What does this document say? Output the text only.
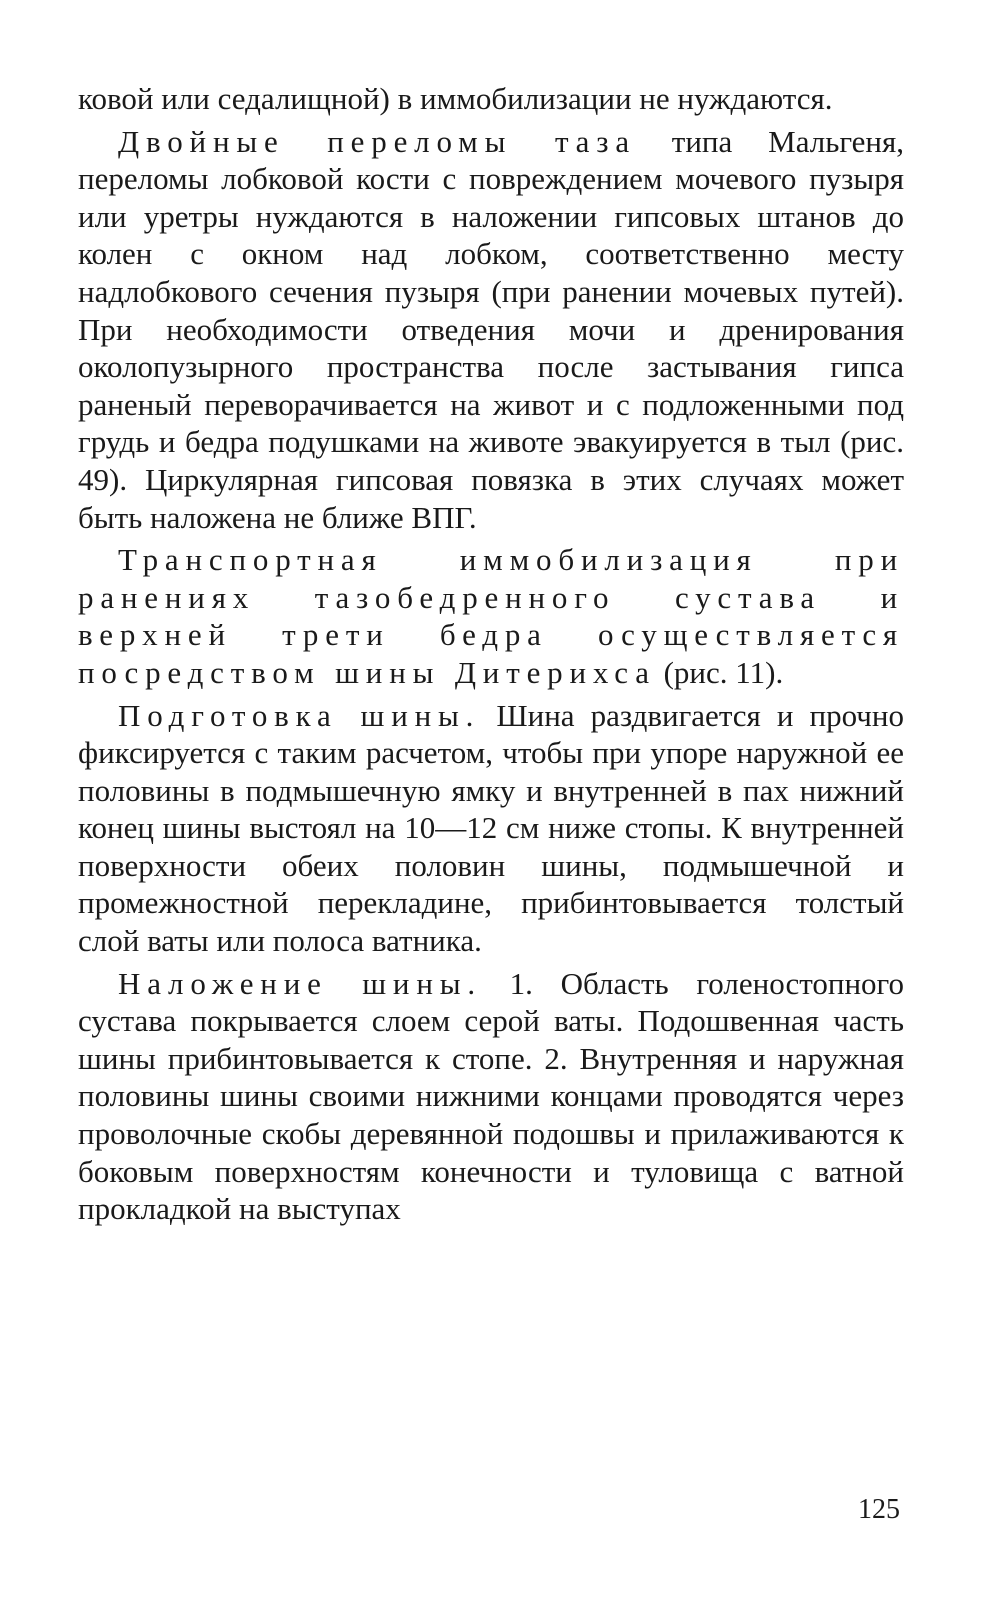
ковой или седалищной) в иммобилизации не нуждаются.

Двойные переломы таза типа Мальгеня, переломы лобковой кости с повреждением мочевого пузыря или уретры нуждаются в наложении гипсовых штанов до колен с окном над лобком, соответственно месту надлобкового сечения пузыря (при ранении мочевых путей). При необходимости отведения мочи и дренирования околопузырного пространства после застывания гипса раненый переворачивается на живот и с подложенными под грудь и бедра подушками на животе эвакуируется в тыл (рис. 49). Циркулярная гипсовая повязка в этих случаях может быть наложена не ближе ВПГ.

Транспортная иммобилизация при ранениях тазобедренного сустава и верхней трети бедра осуществляется посредством шины Дитерихса (рис. 11).

Подготовка шины. Шина раздвигается и прочно фиксируется с таким расчетом, чтобы при упоре наружной ее половины в подмышечную ямку и внутренней в пах нижний конец шины выстоял на 10—12 см ниже стопы. К внутренней поверхности обеих половин шины, подмышечной и промежностной перекладине, прибинтовывается толстый слой ваты или полоса ватника.

Наложение шины. 1. Область голеностопного сустава покрывается слоем серой ваты. Подошвенная часть шины прибинтовывается к стопе. 2. Внутренняя и наружная половины шины своими нижними концами проводятся через проволочные скобы деревянной подошвы и прилаживаются к боковым поверхностям конечности и туловища с ватной прокладкой на выступах

125
